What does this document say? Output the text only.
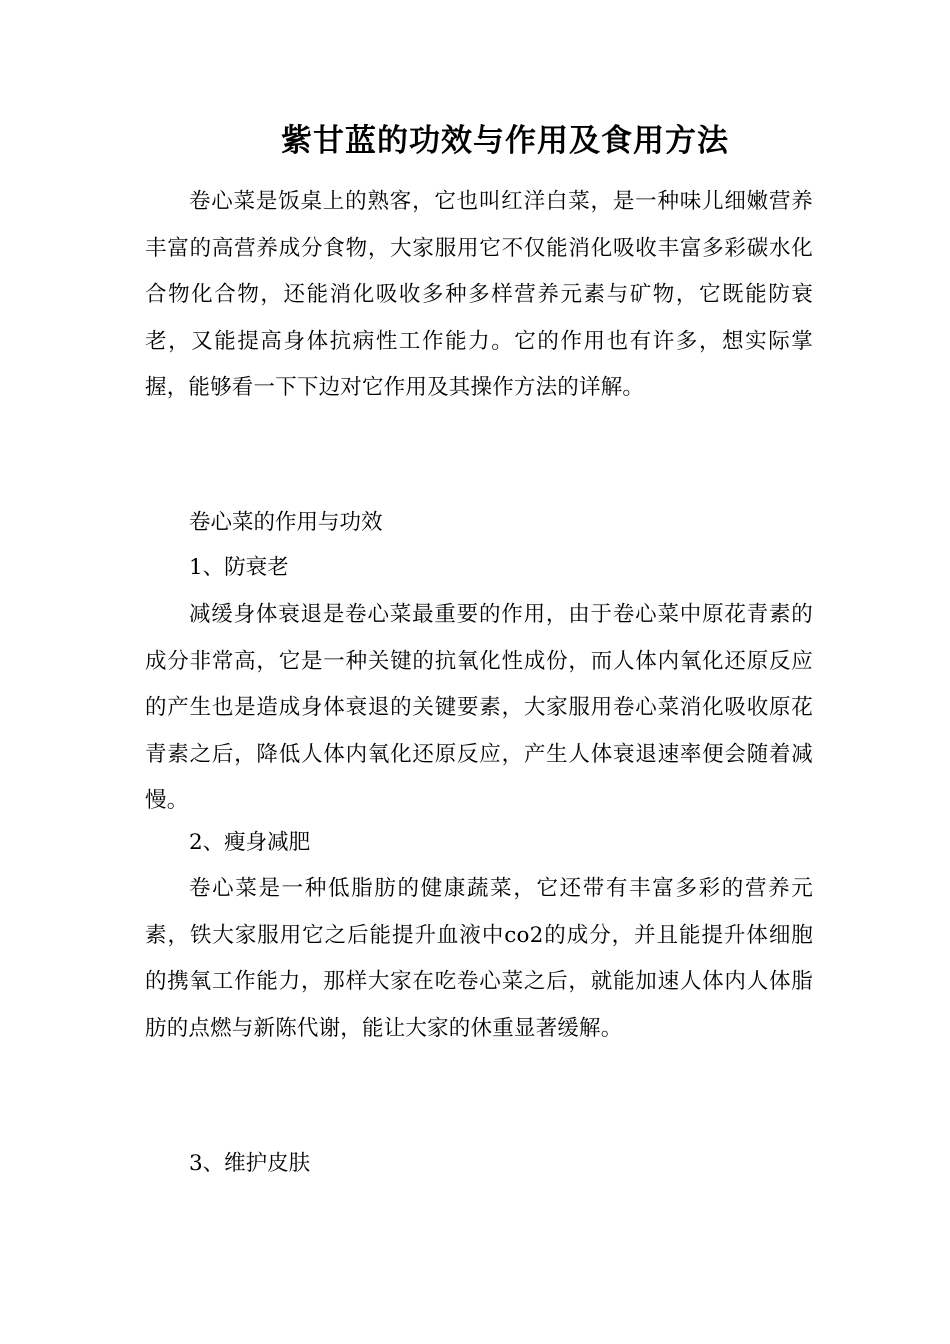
紫甘蓝的功效与作用及食用方法

卷心菜是饭桌上的熟客，它也叫红洋白菜，是一种味儿细嫩营养丰富的高营养成分食物，大家服用它不仅能消化吸收丰富多彩碳水化合物化合物，还能消化吸收多种多样营养元素与矿物，它既能防衰老，又能提高身体抗病性工作能力。它的作用也有许多，想实际掌握，能够看一下下边对它作用及其操作方法的详解。

卷心菜的作用与功效

1、防衰老

减缓身体衰退是卷心菜最重要的作用，由于卷心菜中原花青素的成分非常高，它是一种关键的抗氧化性成份，而人体内氧化还原反应的产生也是造成身体衰退的关键要素，大家服用卷心菜消化吸收原花青素之后，降低人体内氧化还原反应，产生人体衰退速率便会随着减慢。

2、瘦身减肥

卷心菜是一种低脂肪的健康蔬菜，它还带有丰富多彩的营养元素，铁大家服用它之后能提升血液中co2的成分，并且能提升体细胞的携氧工作能力，那样大家在吃卷心菜之后，就能加速人体内人体脂肪的点燃与新陈代谢，能让大家的休重显著缓解。

3、维护皮肤
